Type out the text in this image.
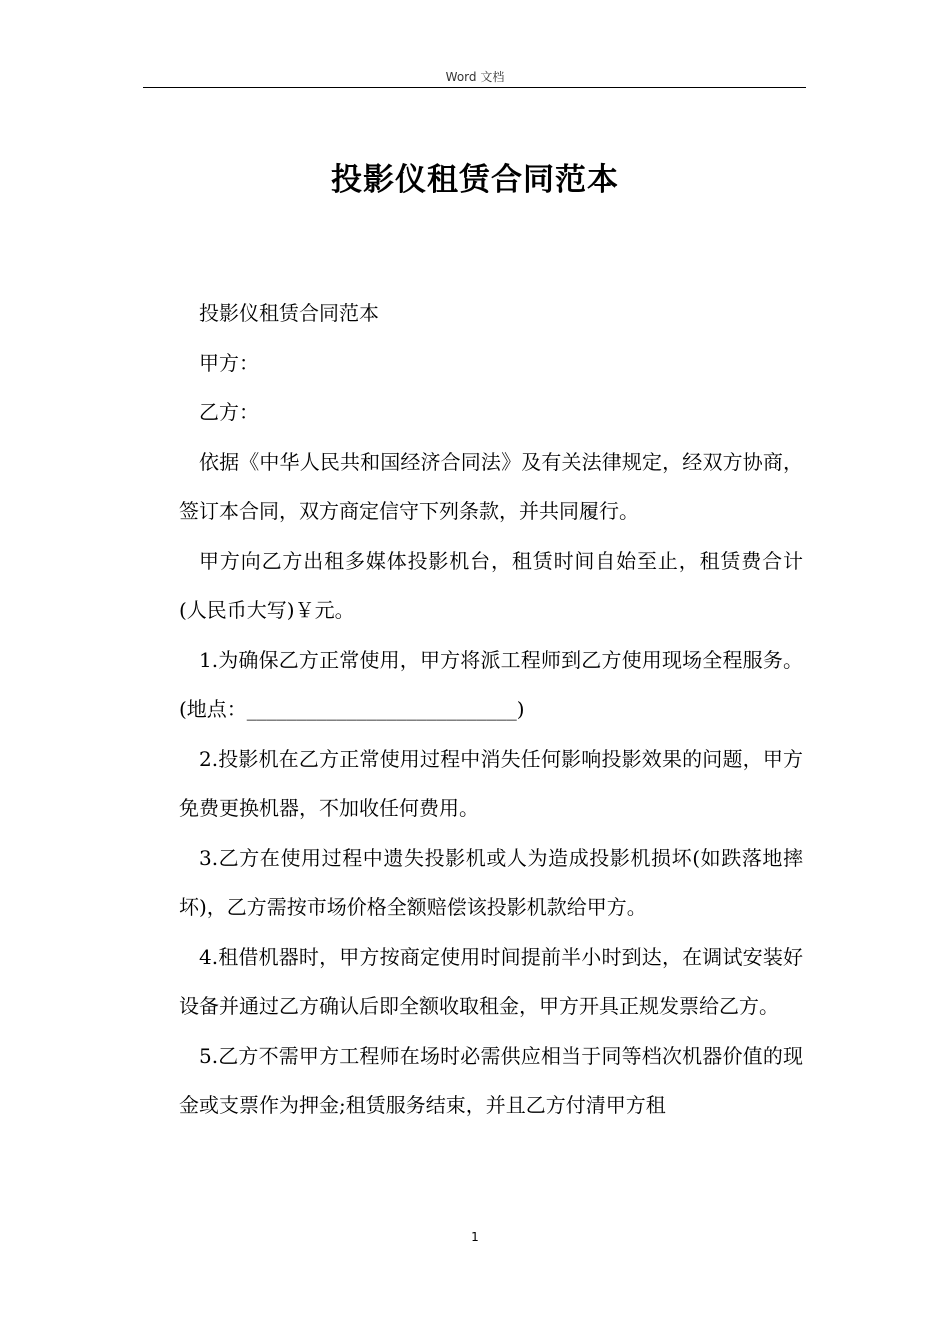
Word 文档
投影仪租赁合同范本

投影仪租赁合同范本

甲方：

乙方：

依据《中华人民共和国经济合同法》及有关法律规定，经双方协商，签订本合同，双方商定信守下列条款，并共同履行。

甲方向乙方出租多媒体投影机台，租赁时间自始至止，租赁费合计(人民币大写)￥元。

1.为确保乙方正常使用，甲方将派工程师到乙方使用现场全程服务。(地点：___________________________)

2.投影机在乙方正常使用过程中消失任何影响投影效果的问题，甲方免费更换机器，不加收任何费用。

3.乙方在使用过程中遗失投影机或人为造成投影机损坏(如跌落地摔坏)，乙方需按市场价格全额赔偿该投影机款给甲方。

4.租借机器时，甲方按商定使用时间提前半小时到达，在调试安装好设备并通过乙方确认后即全额收取租金，甲方开具正规发票给乙方。

5.乙方不需甲方工程师在场时必需供应相当于同等档次机器价值的现金或支票作为押金;租赁服务结束，并且乙方付清甲方租

1
